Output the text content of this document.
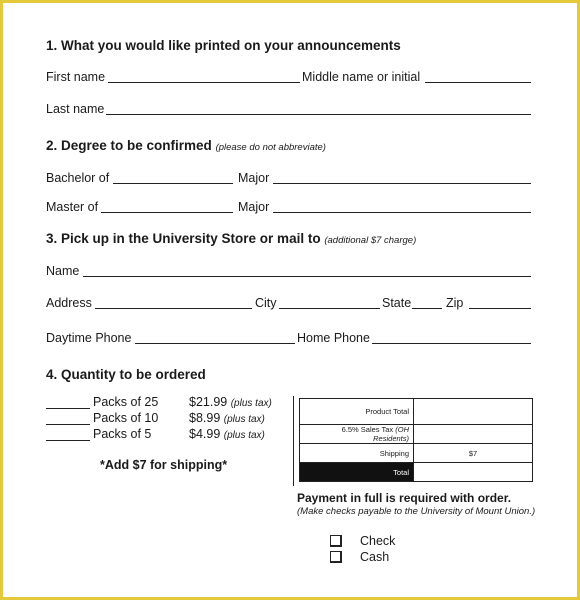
1. What you would like printed on your announcements
First name	Middle name or initial
Last name
2. Degree to be confirmed (please do not abbreviate)
Bachelor of	Major
Master of	Major
3. Pick up in the University Store or mail to (additional $7 charge)
Name
Address	City	State	Zip
Daytime Phone	Home Phone
4. Quantity to be ordered
Packs of 25 $21.99 (plus tax)
Packs of 10 $8.99 (plus tax)
Packs of 5	$4.99 (plus tax)
*Add $7 for shipping*
Product Total	
6.5% Sales Tax (OH Residents)	
Shipping	$7
Total	
Payment in full is required with order.
(Make checks payable to the University of Mount Union.)
Check
Cash
